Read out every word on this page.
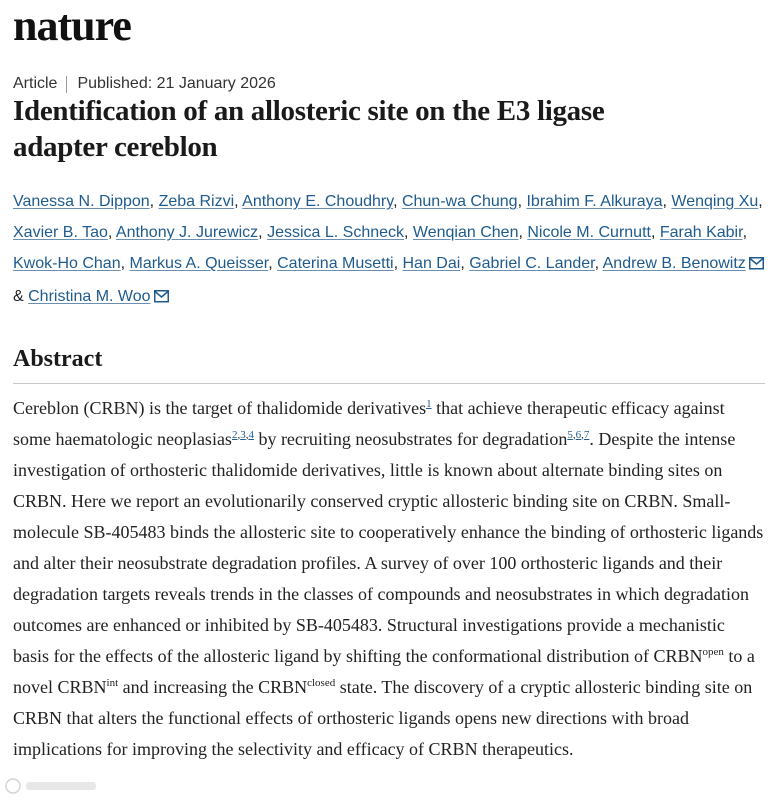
nature
Article Published: 21 January 2026
Identification of an allosteric site on the E3 ligase
adapter cereblon
Vanessa N. Dippon, Zeba Rizvi, Anthony E. Choudhry, Chun-wa Chung, Ibrahim F. Alkuraya, Wenqing Xu, Xavier B. Tao, Anthony J. Jurewicz, Jessica L. Schneck, Wenqian Chen, Nicole M. Curnutt, Farah Kabir, Kwok-Ho Chan, Markus A. Queisser, Caterina Musetti, Han Dai, Gabriel C. Lander, Andrew B. Benowitz & Christina M. Woo
Abstract

Cereblon (CRBN) is the target of thalidomide derivatives$^1$ that achieve therapeutic efficacy against some haematologic neoplasias$^{2,3,4}$ by recruiting neosubstrates for degradation$^{5,6,7}$. Despite the intense investigation of orthosteric thalidomide derivatives, little is known about alternate binding sites on CRBN. Here we report an evolutionarily conserved cryptic allosteric binding site on CRBN. Small-molecule SB-405483 binds the allosteric site to cooperatively enhance the binding of orthosteric ligands and alter their neosubstrate degradation profiles. A survey of over 100 orthosteric ligands and their degradation targets reveals trends in the classes of compounds and neosubstrates in which degradation outcomes are enhanced or inhibited by SB-405483. Structural investigations provide a mechanistic basis for the effects of the allosteric ligand by shifting the conformational distribution of $CRBN^{open}$ to a novel $CRBN^{int}$ and increasing the $CRBN^{closed}$ state. The discovery of a cryptic allosteric binding site on CRBN that alters the functional effects of orthosteric ligands opens new directions with broad implications for improving the selectivity and efficacy of CRBN therapeutics.
